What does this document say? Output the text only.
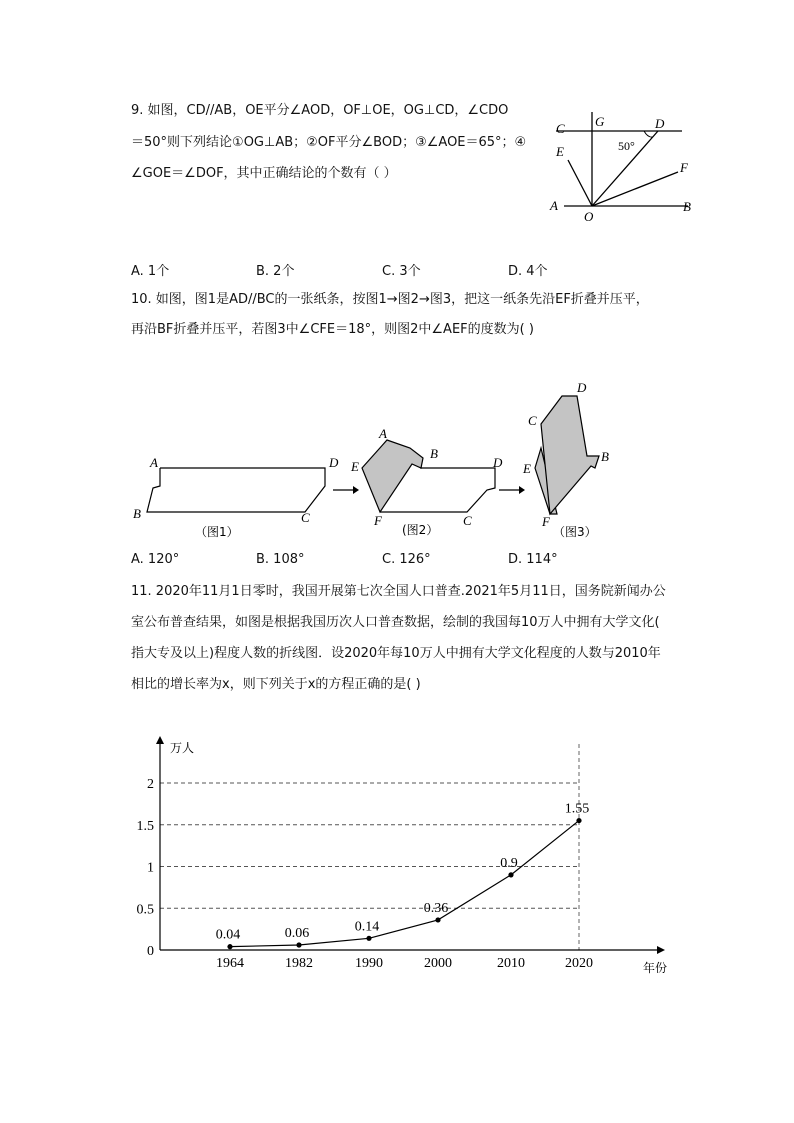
9. 如图，CD//AB，OE平分∠AOD，OF⊥OE，OG⊥CD，∠CDO
＝50°则下列结论①OG⊥AB；②OF平分∠BOD；③∠AOE＝65°；④
∠GOE＝∠DOF，其中正确结论的个数有（ ）
C G	D
E
F
A
O
B
50°
A. 1个	B. 2个	C. 3个	D. 4个
10. 如图，图1是AD//BC的一张纸条，按图1→图2→图3，把这一纸条先沿EF折叠并压平，
再沿BF折叠并压平，若图3中∠CFE＝18°，则图2中∠AEF的度数为( )
A	D
B	C
（图1）
A
B
E	D
F	C
(图2）
D
C
E
B
F
（图3）
A. 120°	B. 108°	C. 126°	D. 114°
11. 2020年11月1日零时，我国开展第七次全国人口普查.2021年5月11日，国务院新闻办公
室公布普查结果，如图是根据我国历次人口普查数据，绘制的我国每10万人中拥有大学文化(
指大专及以上)程度人数的折线图．设2020年每10万人中拥有大学文化程度的人数与2010年
相比的增长率为x，则下列关于x的方程正确的是( )
万人
年份
0
0.5
1
1.5
2
1964	1982	1990	2000	2010	2020
0.04	0.06	0.14
0.36
0.9
1.55
